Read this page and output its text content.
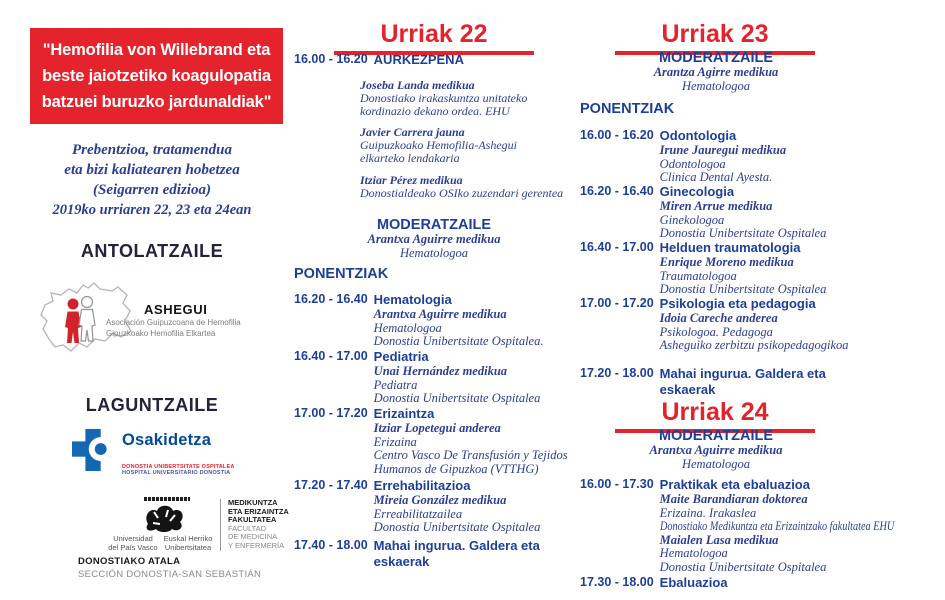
"Hemofilia von Willebrand eta
beste jaiotzetiko koagulopatia
batzuei buruzko jardunaldiak"
Prebentzioa, tratamendua
eta bizi kaliatearen hobetzea
(Seigarren edizioa)
2019ko urriaren 22, 23 eta 24ean
ANTOLATZAILE
ASHEGUI
Asociación Guipuzcoana de Hemofilia
Gipuzkoako Hemofilia Elkartea
LAGUNTZAILE
Osakidetza
DONOSTIA UNIBERTSITATE OSPITALEA
HOSPITAL UNIVERSITARIO DONOSTIA
Universidad
del País Vasco
Euskal Herriko
Unibertsitatea
MEDIKUNTZA
ETA ERIZAINTZA
FAKULTATEA
FACULTAD
DE MEDICINA
Y ENFERMERÍA
DONOSTIAKO ATALA
SECCIÓN DONOSTIA-SAN SEBASTIÁN
Urriak 22
16.00 - 16.20 AURKEZPENA
Joseba Landa medikua
Donostiako irakaskuntza unitateko
kordinazio dekano ordea. EHU
Javier Carrera jauna
Guipuzkoako Hemofilia-Ashegui
elkarteko lendakaria
Itziar Pérez medikua
Donostialdeako OSIko zuzendari gerentea
MODERATZAILE
Arantxa Aguirre medikua
Hematologoa
PONENTZIAK
16.20 - 16.40 Hematologia
Arantxa Aguirre medikua
Hematologoa
Donostia Unibertsitate Ospitalea.
16.40 - 17.00 Pediatria
Unai Hernández medikua
Pediatra
Donostia Unibertsitate Ospitalea
17.00 - 17.20 Erizaintza
Itziar Lopetegui anderea
Erizaina
Centro Vasco De Transfusión y Tejidos
Humanos de Gipuzkoa (VTTHG)
17.20 - 17.40 Errehabilitazioa
Mireia González medikua
Erreabilitatzailea
Donostia Unibertsitate Ospitalea
17.40 - 18.00 Mahai ingurua. Galdera eta eskaerak
Urriak 23
MODERATZAILE
Arantza Agirre medikua
Hematologoa
PONENTZIAK
16.00 - 16.20 Odontologia
Irune Jauregui medikua
Odontologoa
Clinica Dental Ayesta.
16.20 - 16.40 Ginecologia
Miren Arrue medikua
Ginekologoa
Donostia Unibertsitate Ospitalea
16.40 - 17.00 Helduen traumatologia
Enrique Moreno medikua
Traumatologoa
Donostia Unibertsitate Ospitalea
17.00 - 17.20 Psikologia eta pedagogia
Idoia Careche anderea
Psikologoa. Pedagoga
Asheguiko zerbitzu psikopedagogikoa
17.20 - 18.00 Mahai ingurua. Galdera eta eskaerak
Urriak 24
MODERATZAILE
Arantxa Aguirre medikua
Hematologoa
16.00 - 17.30 Praktikak eta ebaluazioa
Maite Barandiaran doktorea
Erizaina. Irakaslea
Donostiako Medikuntza eta Erizaintzako fakultatea EHU
Maialen Lasa medikua
Hematologoa
Donostia Unibertsitate Ospitalea
17.30 - 18.00 Ebaluazioa
